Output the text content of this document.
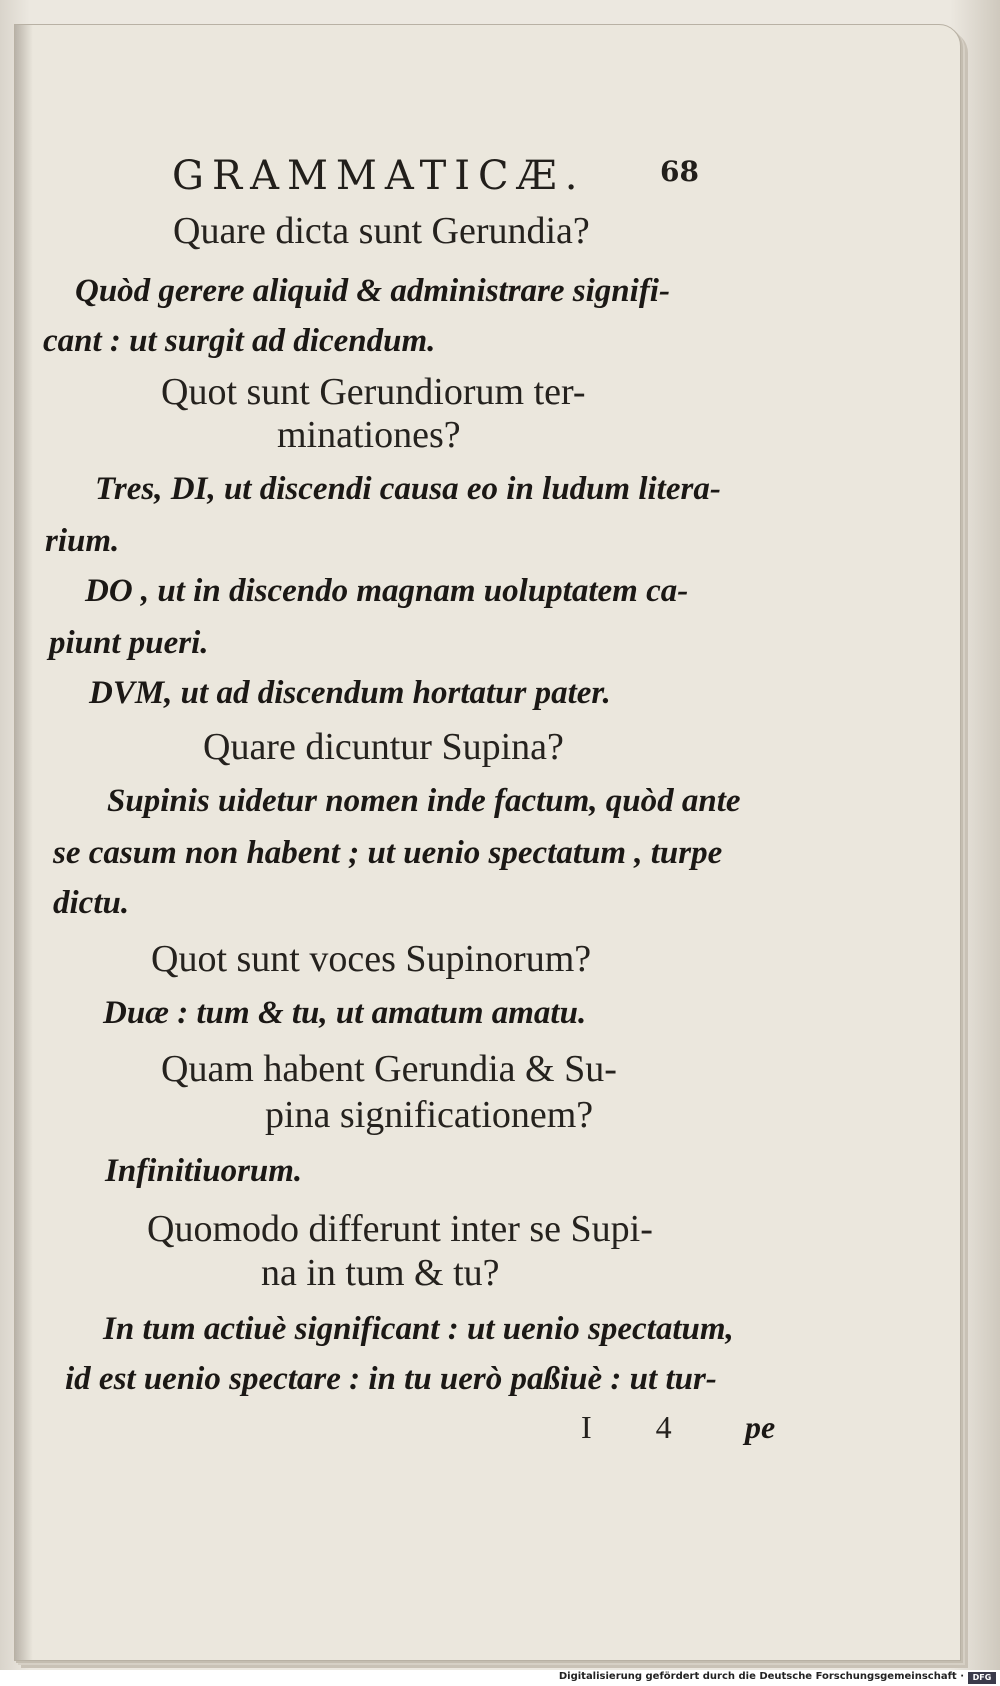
GRAMMATICÆ.	68
Quare dicta sunt Gerundia?
Quòd gerere aliquid & administrare signifi-
cant : ut surgit ad dicendum.
Quot sunt Gerundiorum ter-
minationes?
Tres, DI, ut discendi causa eo in ludum litera-
rium.
DO , ut in discendo magnam uoluptatem ca-
piunt pueri.
DVM, ut ad discendum hortatur pater.
Quare dicuntur Supina?
Supinis uidetur nomen inde factum, quòd ante
se casum non habent ; ut uenio spectatum , turpe
dictu.
Quot sunt voces Supinorum?
Duæ : tum & tu, ut amatum amatu.
Quam habent Gerundia & Su-
pina significationem?
Infinitiuorum.
Quomodo differunt inter se Supi-
na in tum & tu?
In tum actiuè significant : ut uenio spectatum,
id est uenio spectare : in tu uerò paßiuè : ut tur-
I 4 pe
Digitalisierung gefördert durch die Deutsche Forschungsgemeinschaft ·	DFG
